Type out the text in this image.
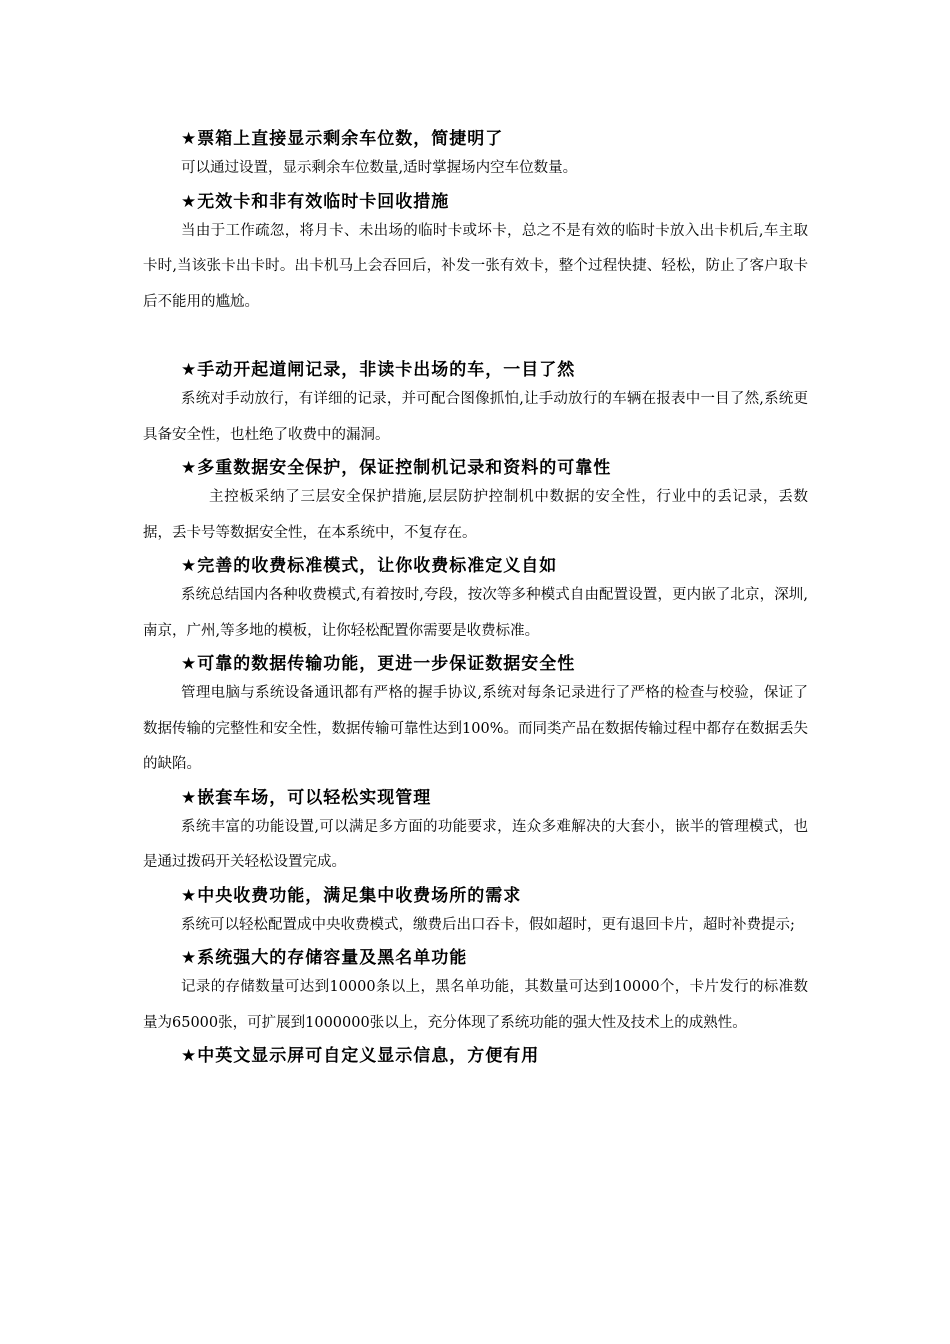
★票箱上直接显示剩余车位数，简捷明了

可以通过设置，显示剩余车位数量,适时掌握场内空车位数量。

★无效卡和非有效临时卡回收措施

当由于工作疏忽，将月卡、未出场的临时卡或坏卡，总之不是有效的临时卡放入出卡机后,车主取卡时,当该张卡出卡时。出卡机马上会吞回后，补发一张有效卡，整个过程快捷、轻松，防止了客户取卡后不能用的尴尬。

★手动开起道闸记录，非读卡出场的车，一目了然

系统对手动放行，有详细的记录，并可配合图像抓怕,让手动放行的车辆在报表中一目了然,系统更具备安全性，也杜绝了收费中的漏洞。

★多重数据安全保护，保证控制机记录和资料的可靠性

主控板采纳了三层安全保护措施,层层防护控制机中数据的安全性，行业中的丢记录，丢数据，丢卡号等数据安全性，在本系统中，不复存在。

★完善的收费标准模式，让你收费标准定义自如

系统总结国内各种收费模式,有着按时,夸段，按次等多种模式自由配置设置，更内嵌了北京，深圳,南京，广州,等多地的模板，让你轻松配置你需要是收费标准。

★可靠的数据传输功能，更进一步保证数据安全性

管理电脑与系统设备通讯都有严格的握手协议,系统对每条记录进行了严格的检查与校验，保证了数据传输的完整性和安全性，数据传输可靠性达到100%。而同类产品在数据传输过程中都存在数据丢失的缺陷。

★嵌套车场，可以轻松实现管理

系统丰富的功能设置,可以满足多方面的功能要求，连众多难解决的大套小，嵌半的管理模式，也是通过拨码开关轻松设置完成。

★中央收费功能，满足集中收费场所的需求

系统可以轻松配置成中央收费模式，缴费后出口吞卡，假如超时，更有退回卡片，超时补费提示;

★系统强大的存储容量及黑名单功能

记录的存储数量可达到10000条以上，黑名单功能，其数量可达到10000个，卡片发行的标准数量为65000张，可扩展到1000000张以上，充分体现了系统功能的强大性及技术上的成熟性。

★中英文显示屏可自定义显示信息，方便有用
